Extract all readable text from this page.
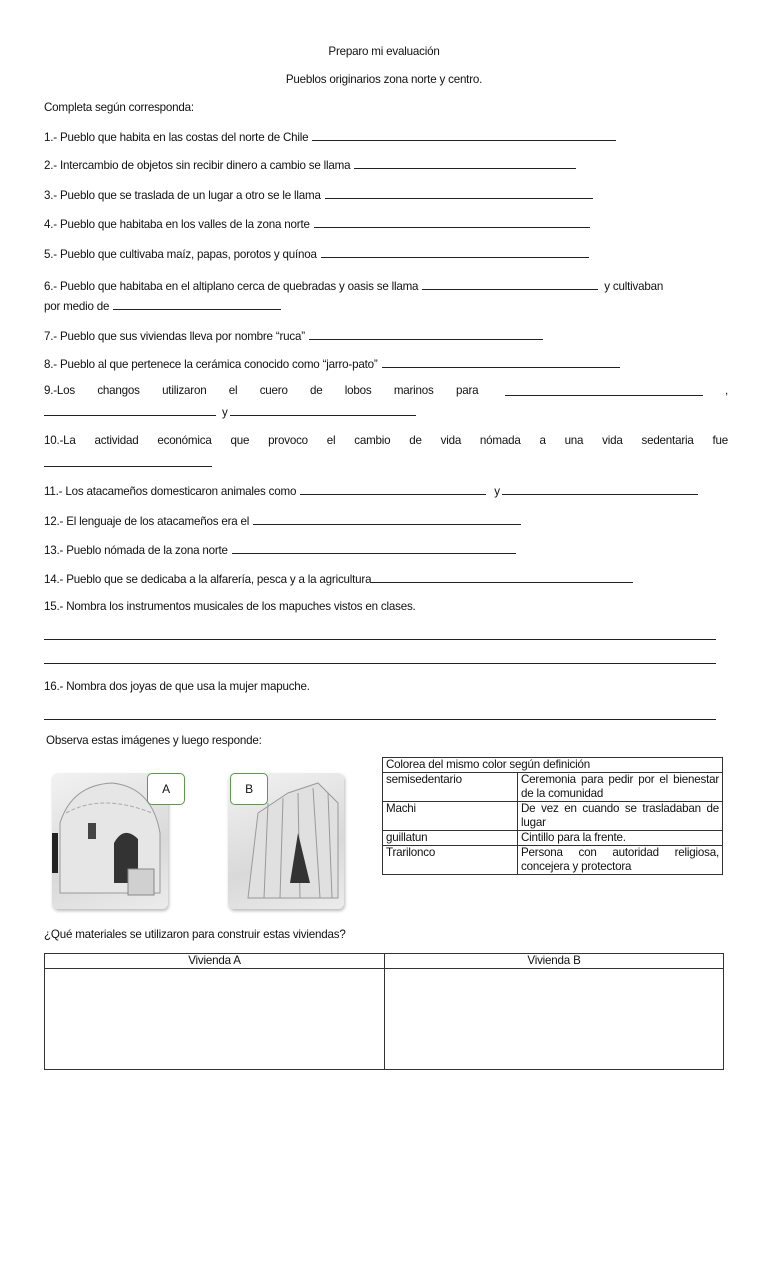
Preparo mi evaluación
Pueblos originarios zona norte y centro.
Completa según corresponda:
1.- Pueblo que habita en las costas del norte de Chile
2.- Intercambio de objetos sin recibir dinero a cambio se llama
3.- Pueblo que se traslada de un lugar a otro se le llama
4.- Pueblo que habitaba en los valles de la zona norte
5.- Pueblo que cultivaba maíz, papas, porotos y quínoa
6.- Pueblo que habitaba en el altiplano cerca de quebradas y oasis se llama	y cultivaban
por medio de
7.- Pueblo que sus viviendas lleva por nombre “ruca”
8.- Pueblo al que pertenece la cerámica conocido como “jarro-pato”
9.-Los changos utilizaron el cuero de lobos marinos para	,
y
10.-La actividad económica que provoco el cambio de vida nómada a una vida sedentaria fue
11.- Los atacameños domesticaron animales como	y
12.- El lenguaje de los atacameños era el
13.- Pueblo nómada de la zona norte
14.- Pueblo que se dedicaba a la alfarería, pesca y a la agricultura
15.- Nombra los instrumentos musicales de los mapuches vistos en clases.
16.- Nombra dos joyas de que usa la mujer mapuche.
Observa estas imágenes y luego responde:
A	B
Colorea del mismo color según definición	
semisedentario	Ceremonia para pedir por el bienestar de la comunidad
Machi	De vez en cuando se trasladaban de lugar
guillatun	Cintillo para la frente.
Trarilonco	Persona con autoridad religiosa, concejera y protectora
¿Qué materiales se utilizaron para construir estas viviendas?
Vivienda A	Vivienda B
